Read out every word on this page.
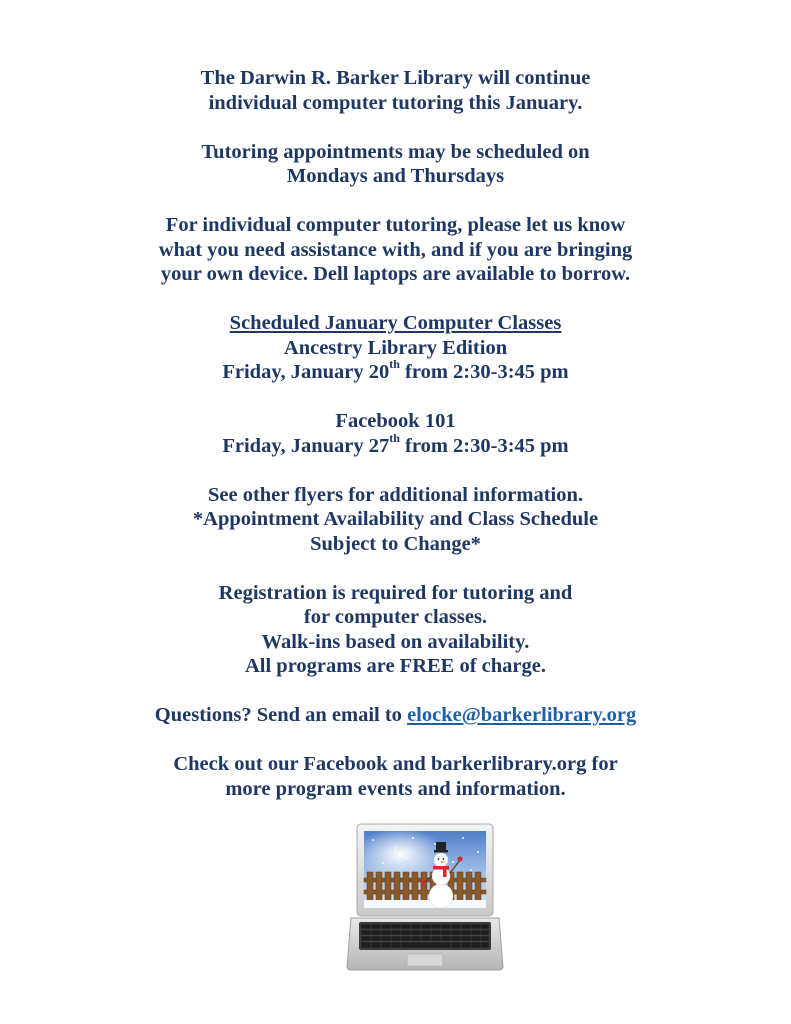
The Darwin R. Barker Library will continue
individual computer tutoring this January.

Tutoring appointments may be scheduled on
Mondays and Thursdays

For individual computer tutoring, please let us know
what you need assistance with, and if you are bringing
your own device. Dell laptops are available to borrow.

Scheduled January Computer Classes
Ancestry Library Edition
Friday, January 20th from 2:30-3:45 pm

Facebook 101
Friday, January 27th from 2:30-3:45 pm

See other flyers for additional information.
*Appointment Availability and Class Schedule
Subject to Change*

Registration is required for tutoring and
for computer classes.
Walk-ins based on availability.
All programs are FREE of charge.

Questions? Send an email to elocke@barkerlibrary.org

Check out our Facebook and barkerlibrary.org for
more program events and information.
